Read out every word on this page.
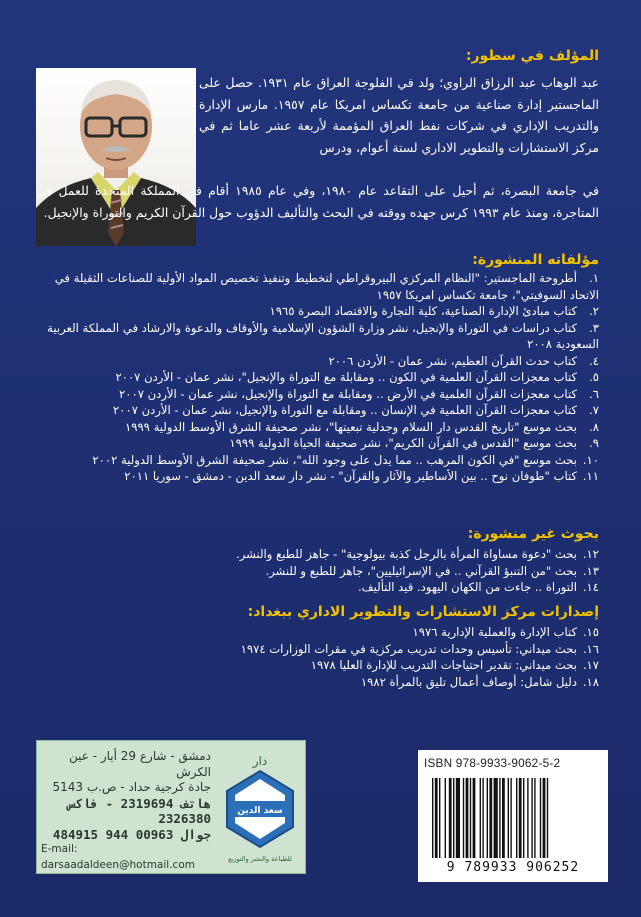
المؤلف في سطور:
عبد الوهاب عبد الرزاق الراوي؛ ولد في الفلوجة العراق عام ١٩٣١. حصل على الماجستير إدارة صناعية من جامعة تكساس امريكا عام ١٩٥٧. مارس الإدارة والتدريب الإداري في شركات نفط العراق المؤممة لأربعة عشر عاما ثم في مركز الاستشارات والتطوير الاداري لستة أعوام، ودرس
في جامعة البصرة، ثم أحيل على التقاعد عام ١٩٨٠، وفي عام ١٩٨٥ أقام في المملكة المتحدة للعمل في المتاجرة، ومنذ عام ١٩٩٣ كرس جهده ووقته في البحث والتأليف الدؤوب حول القرآن الكريم والتوراة والإنجيل.
مؤلفاته المنشورة:
١.أطروحة الماجستير: "النظام المركزي البيروقراطي لتخطيط وتنفيذ تخصيص المواد الأولية للصناعات الثقيلة في الاتحاد السوفيتي"، جامعة تكساس امريكا ١٩٥٧
٢.كتاب مبادئ الإدارة الصناعية، كلية التجارة والاقتصاد البصرة ١٩٦٥
٣.كتاب دراسات في التوراة والإنجيل، نشر وزارة الشؤون الإسلامية والأوقاف والدعوة والارشاد في المملكة العربية السعودية ٢٠٠٨
٤.كتاب حدث القرآن العظيم، نشر عمان - الأردن ٢٠٠٦
٥.كتاب معجزات القرآن العلمية في الكون .. ومقابلة مع التوراة والإنجيل"، نشر عمان - الأردن ٢٠٠٧
٦.كتاب معجزات القرآن العلمية في الأرض .. ومقابلة مع التوراة والإنجيل، نشر عمان - الأردن ٢٠٠٧
٧.كتاب معجزات القرآن العلمية في الإنسان .. ومقابلة مع التوراة والإنجيل، نشر عمان - الأردن ٢٠٠٧
٨.بحث موسع "تاريخ القدس دار السلام وجدلية تبعيتها"، نشر صحيفة الشرق الأوسط الدولية ١٩٩٩
٩.بحث موسع "القدس في القرآن الكريم"، نشر صحيفة الحياة الدولية ١٩٩٩
١٠.بحث موسع "في الكون المرهب .. مما يدل على وجود الله"، نشر صحيفة الشرق الأوسط الدولية ٢٠٠٢
١١.كتاب "طوفان نوح .. بين الأساطير والآثار والقرآن" - نشر دار سعد الدين - دمشق - سوريا ٢٠١١
بحوث غير منشورة:
١٢.بحث "دعوة مساواة المرأة بالرجل كذبة بيولوجية" - جاهز للطبع والنشر.
١٣.بحث "من التنبؤ القرآني .. في الإسرائيليين"، جاهز للطبع و للنشر.
١٤.التوراة .. جاءت من الكهان اليهود. قيد التأليف.
إصدارات مركز الاستشارات والتطوير الاداري ببغداد:
١٥.كتاب الإدارة والعملية الإدارية ١٩٧٦
١٦.بحث ميداني: تأسيس وحدات تدريب مركزية في مقرات الوزارات ١٩٧٤
١٧.بحث ميداني: تقدير احتياجات التدريب للإدارة العليا ١٩٧٨
١٨.دليل شامل: أوصاف أعمال تليق بالمرأة ١٩٨٢
دمشق - شارع 29 أيار - عين الكرش
جادة كرجية حداد - ص.ب 5143
هاتف 2319694 - فاكس 2326380
جوال 00963 944 484915
E-mail: darsaadaldeen@hotmail.com
دار
سعد الدين
للطباعة والنشر والتوزيع
ISBN 978-9933-9062-5-2
9 789933 906252
